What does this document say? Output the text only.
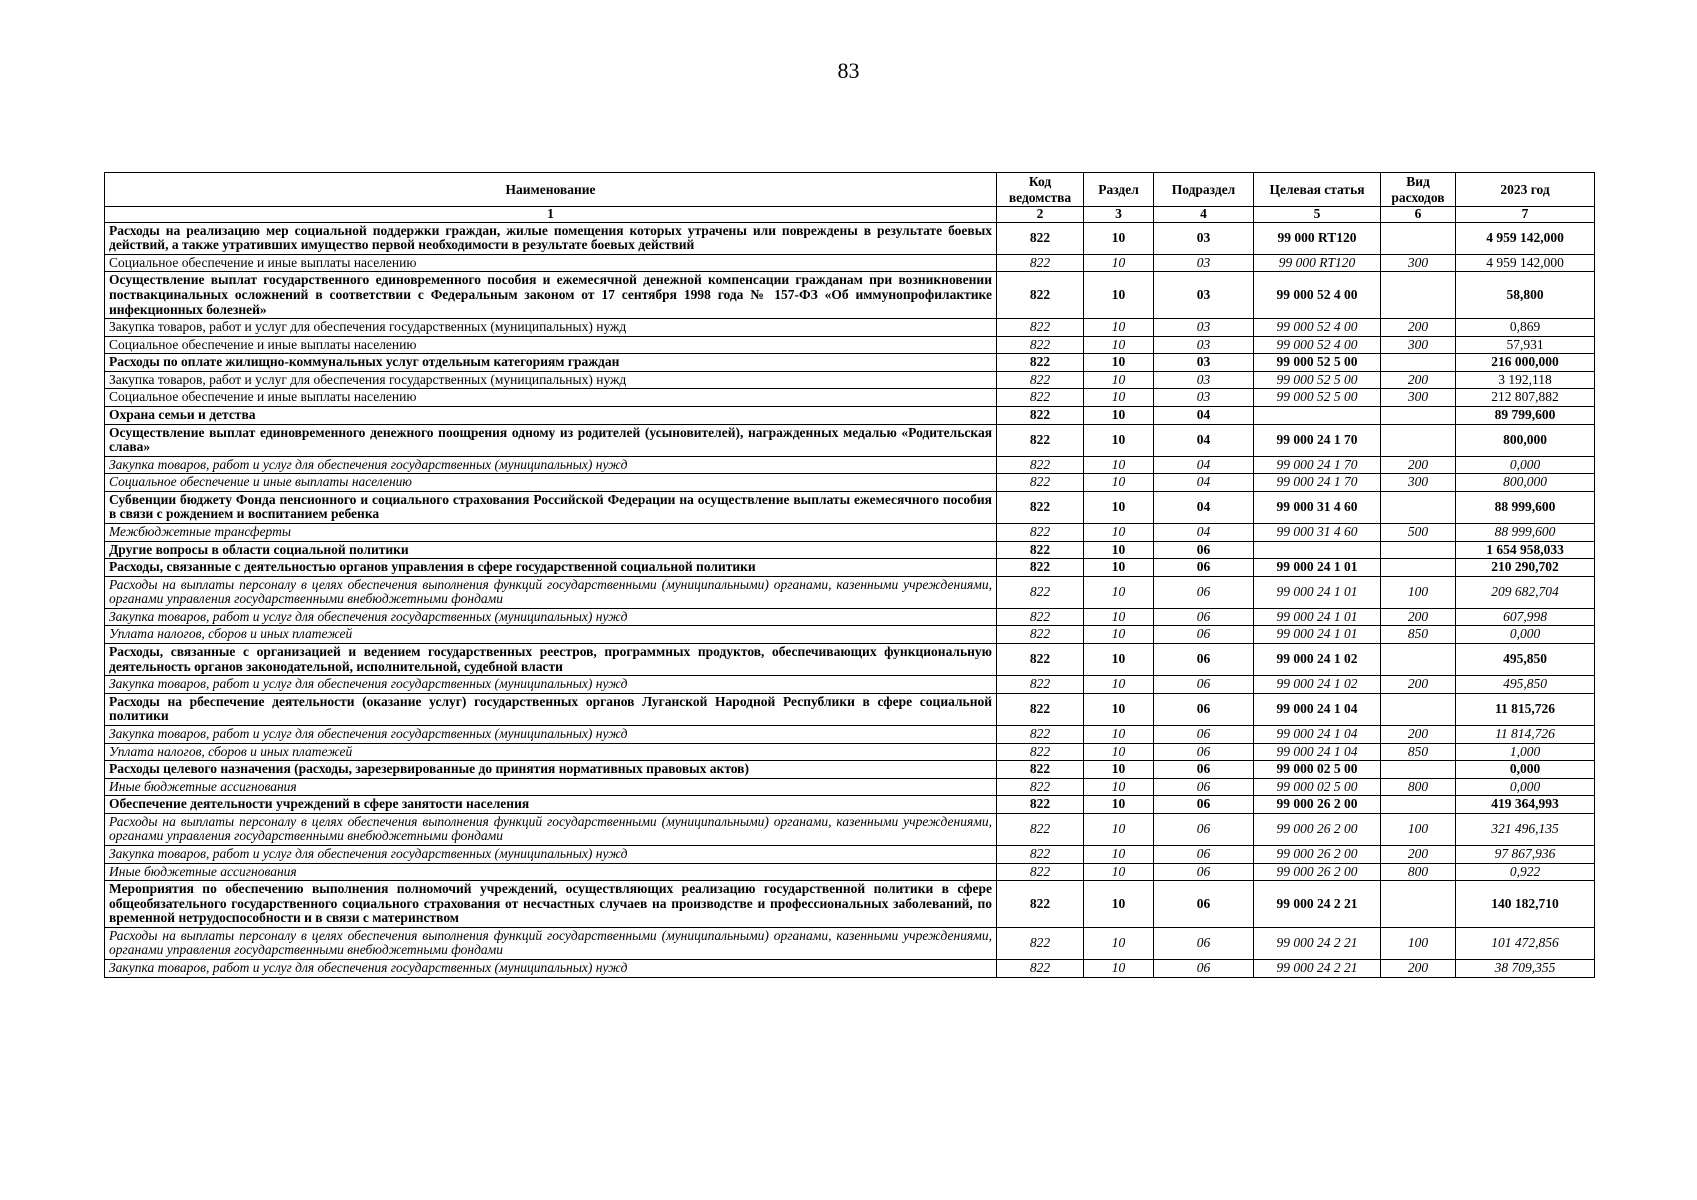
83
Наименование	Код ведомства	Раздел	Подраздел	Целевая статья	Вид расходов	2023 год
1	2	3	4	5	6	7
Расходы на реализацию мер социальной поддержки граждан, жилые помещения которых утрачены или повреждены в результате боевых действий, а также утративших имущество первой необходимости в результате боевых действий	822	10	03	99 000 RT120		4 959 142,000
Социальное обеспечение и иные выплаты населению	822	10	03	99 000 RT120	300	4 959 142,000
Осуществление выплат государственного единовременного пособия и ежемесячной денежной компенсации гражданам при возникновении поствакцинальных осложнений в соответствии с Федеральным законом от 17 сентября 1998 года № 157-ФЗ «Об иммунопрофилактике инфекционных болезней»	822	10	03	99 000 52 4 00		58,800
Закупка товаров, работ и услуг для обеспечения государственных (муниципальных) нужд	822	10	03	99 000 52 4 00	200	0,869
Социальное обеспечение и иные выплаты населению	822	10	03	99 000 52 4 00	300	57,931
Расходы по оплате жилищно-коммунальных услуг отдельным категориям граждан	822	10	03	99 000 52 5 00		216 000,000
Закупка товаров, работ и услуг для обеспечения государственных (муниципальных) нужд	822	10	03	99 000 52 5 00	200	3 192,118
Социальное обеспечение и иные выплаты населению	822	10	03	99 000 52 5 00	300	212 807,882
Охрана семьи и детства	822	10	04			89 799,600
Осуществление выплат единовременного денежного поощрения одному из родителей (усыновителей), награжденных медалью «Родительская слава»	822	10	04	99 000 24 1 70		800,000
Закупка товаров, работ и услуг для обеспечения государственных (муниципальных) нужд	822	10	04	99 000 24 1 70	200	0,000
Социальное обеспечение и иные выплаты населению	822	10	04	99 000 24 1 70	300	800,000
Субвенции бюджету Фонда пенсионного и социального страхования Российской Федерации на осуществление выплаты ежемесячного пособия в связи с рождением и воспитанием ребенка	822	10	04	99 000 31 4 60		88 999,600
Межбюджетные трансферты	822	10	04	99 000 31 4 60	500	88 999,600
Другие вопросы в области социальной политики	822	10	06			1 654 958,033
Расходы, связанные с деятельностью органов управления в сфере государственной социальной политики	822	10	06	99 000 24 1 01		210 290,702
Расходы на выплаты персоналу в целях обеспечения выполнения функций государственными (муниципальными) органами, казенными учреждениями, органами управления государственными внебюджетными фондами	822	10	06	99 000 24 1 01	100	209 682,704
Закупка товаров, работ и услуг для обеспечения государственных (муниципальных) нужд	822	10	06	99 000 24 1 01	200	607,998
Уплата налогов, сборов и иных платежей	822	10	06	99 000 24 1 01	850	0,000
Расходы, связанные с организацией и ведением государственных реестров, программных продуктов, обеспечивающих функциональную деятельность органов законодательной, исполнительной, судебной власти	822	10	06	99 000 24 1 02		495,850
Закупка товаров, работ и услуг для обеспечения государственных (муниципальных) нужд	822	10	06	99 000 24 1 02	200	495,850
Расходы на рбеспечение деятельности (оказание услуг) государственных органов Луганской Народной Республики в сфере социальной политики	822	10	06	99 000 24 1 04		11 815,726
Закупка товаров, работ и услуг для обеспечения государственных (муниципальных) нужд	822	10	06	99 000 24 1 04	200	11 814,726
Уплата налогов, сборов и иных платежей	822	10	06	99 000 24 1 04	850	1,000
Расходы целевого назначения (расходы, зарезервированные до принятия нормативных правовых актов)	822	10	06	99 000 02 5 00		0,000
Иные бюджетные ассигнования	822	10	06	99 000 02 5 00	800	0,000
Обеспечение деятельности учреждений в сфере занятости населения	822	10	06	99 000 26 2 00		419 364,993
Расходы на выплаты персоналу в целях обеспечения выполнения функций государственными (муниципальными) органами, казенными учреждениями, органами управления государственными внебюджетными фондами	822	10	06	99 000 26 2 00	100	321 496,135
Закупка товаров, работ и услуг для обеспечения государственных (муниципальных) нужд	822	10	06	99 000 26 2 00	200	97 867,936
Иные бюджетные ассигнования	822	10	06	99 000 26 2 00	800	0,922
Мероприятия по обеспечению выполнения полномочий учреждений, осуществляющих реализацию государственной политики в сфере общеобязательного государственного социального страхования от несчастных случаев на производстве и профессиональных заболеваний, по временной нетрудоспособности и в связи с материнством	822	10	06	99 000 24 2 21		140 182,710
Расходы на выплаты персоналу в целях обеспечения выполнения функций государственными (муниципальными) органами, казенными учреждениями, органами управления государственными внебюджетными фондами	822	10	06	99 000 24 2 21	100	101 472,856
Закупка товаров, работ и услуг для обеспечения государственных (муниципальных) нужд	822	10	06	99 000 24 2 21	200	38 709,355
